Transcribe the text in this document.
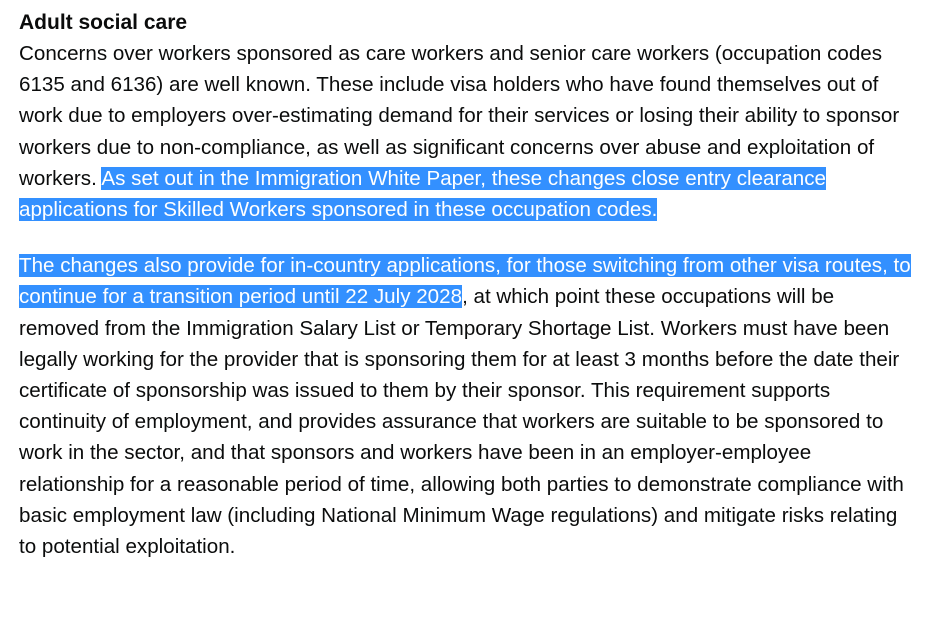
Adult social care

Concerns over workers sponsored as care workers and senior care workers (occupation codes 6135 and 6136) are well known. These include visa holders who have found themselves out of work due to employers over-estimating demand for their services or losing their ability to sponsor workers due to non-compliance, as well as significant concerns over abuse and exploitation of workers. As set out in the Immigration White Paper, these changes close entry clearance applications for Skilled Workers sponsored in these occupation codes.

The changes also provide for in-country applications, for those switching from other visa routes, to continue for a transition period until 22 July 2028, at which point these occupations will be removed from the Immigration Salary List or Temporary Shortage List. Workers must have been legally working for the provider that is sponsoring them for at least 3 months before the date their certificate of sponsorship was issued to them by their sponsor. This requirement supports continuity of employment, and provides assurance that workers are suitable to be sponsored to work in the sector, and that sponsors and workers have been in an employer-employee relationship for a reasonable period of time, allowing both parties to demonstrate compliance with basic employment law (including National Minimum Wage regulations) and mitigate risks relating to potential exploitation.
